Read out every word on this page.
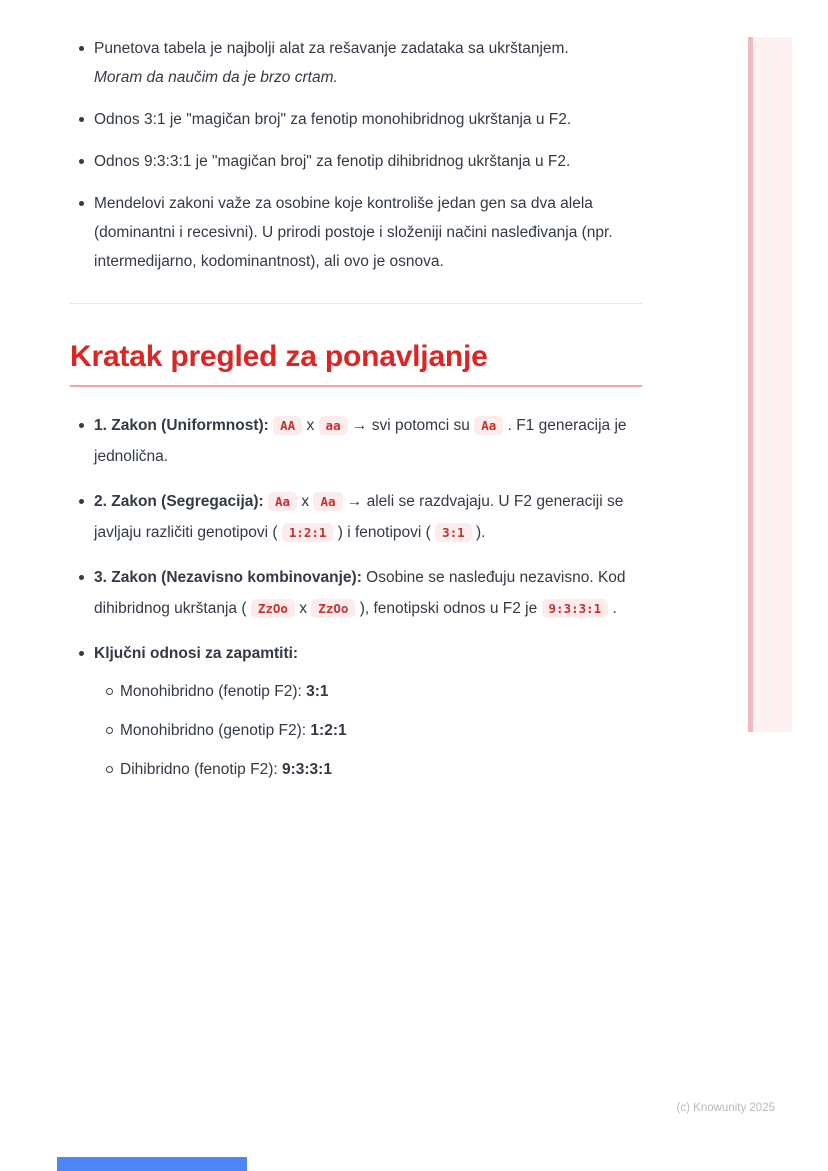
Punetova tabela je najbolji alat za rešavanje zadataka sa ukrštanjem.
Moram da naučim da je brzo crtam.
Odnos 3:1 je "magičan broj" za fenotip monohibridnog ukrštanja u F2.
Odnos 9:3:3:1 je "magičan broj" za fenotip dihibridnog ukrštanja u F2.
Mendelovi zakoni važe za osobine koje kontroliše jedan gen sa dva alela (dominantni i recesivni). U prirodi postoje i složeniji načini nasleđivanja (npr. intermedijarno, kodominantnost), ali ovo je osnova.
Kratak pregled za ponavljanje
1. Zakon (Uniformnost): AA x aa → svi potomci su Aa . F1 generacija je jednolična.
2. Zakon (Segregacija): Aa x Aa → aleli se razdvajaju. U F2 generaciji se javljaju različiti genotipovi ( 1:2:1 ) i fenotipovi ( 3:1 ).
3. Zakon (Nezavisno kombinovanje): Osobine se nasleđuju nezavisno. Kod dihibridnog ukrštanja ( ZzOo x ZzOo ), fenotipski odnos u F2 je 9:3:3:1 .
Ključni odnosi za zapamtiti:
Monohibridno (fenotip F2): 3:1
Monohibridno (genotip F2): 1:2:1
Dihibridno (fenotip F2): 9:3:3:1
(c) Knowunity 2025
